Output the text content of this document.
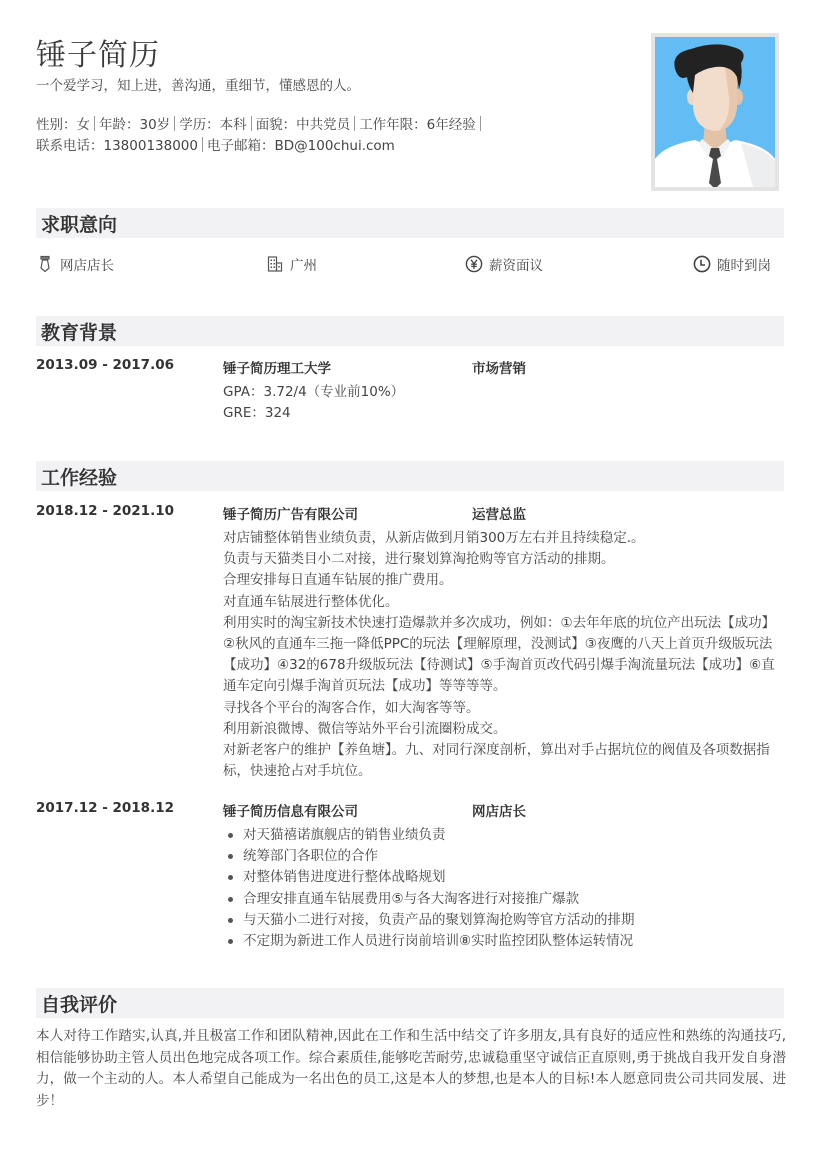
锤子简历
一个爱学习，知上进，善沟通，重细节，懂感恩的人。
性别：女 年龄：30岁 学历：本科 面貌：中共党员 工作年限：6年经验
联系电话：13800138000 电子邮箱：BD@100chui.com
求职意向
网店店长	广州	薪资面议	随时到岗
教育背景
2013.09 - 2017.06	锤子简历理工大学	市场营销

GPA：3.72/4（专业前10%）

GRE：324

工作经验
2018.12 - 2021.10	锤子简历广告有限公司	运营总监

对店铺整体销售业绩负责，从新店做到月销300万左右并且持续稳定.。

负责与天猫类目小二对接，进行聚划算淘抢购等官方活动的排期。

合理安排每日直通车钻展的推广费用。

对直通车钻展进行整体优化。

利用实时的淘宝新技术快速打造爆款并多次成功，例如：①去年年底的坑位产出玩法【成功】②秋风的直通车三拖一降低PPC的玩法【理解原理，没测试】③夜鹰的八天上首页升级版玩法【成功】④32的678升级版玩法【待测试】⑤手淘首页改代码引爆手淘流量玩法【成功】⑥直通车定向引爆手淘首页玩法【成功】等等等等。

寻找各个平台的淘客合作，如大淘客等等。

利用新浪微博、微信等站外平台引流圈粉成交。

对新老客户的维护【养鱼塘】。九、对同行深度剖析，算出对手占据坑位的阀值及各项数据指标，快速抢占对手坑位。

2017.12 - 2018.12	锤子简历信息有限公司	网店店长
对天猫禧诺旗舰店的销售业绩负责
统筹部门各职位的合作
对整体销售进度进行整体战略规划
合理安排直通车钻展费用⑤与各大淘客进行对接推广爆款
与天猫小二进行对接，负责产品的聚划算淘抢购等官方活动的排期
不定期为新进工作人员进行岗前培训⑧实时监控团队整体运转情况
自我评价
本人对待工作踏实,认真,并且极富工作和团队精神,因此在工作和生活中结交了许多朋友,具有良好的适应性和熟练的沟通技巧,相信能够协助主管人员出色地完成各项工作。综合素质佳,能够吃苦耐劳,忠诚稳重坚守诚信正直原则,勇于挑战自我开发自身潜力，做一个主动的人。本人希望自己能成为一名出色的员工,这是本人的梦想,也是本人的目标!本人愿意同贵公司共同发展、进步！
